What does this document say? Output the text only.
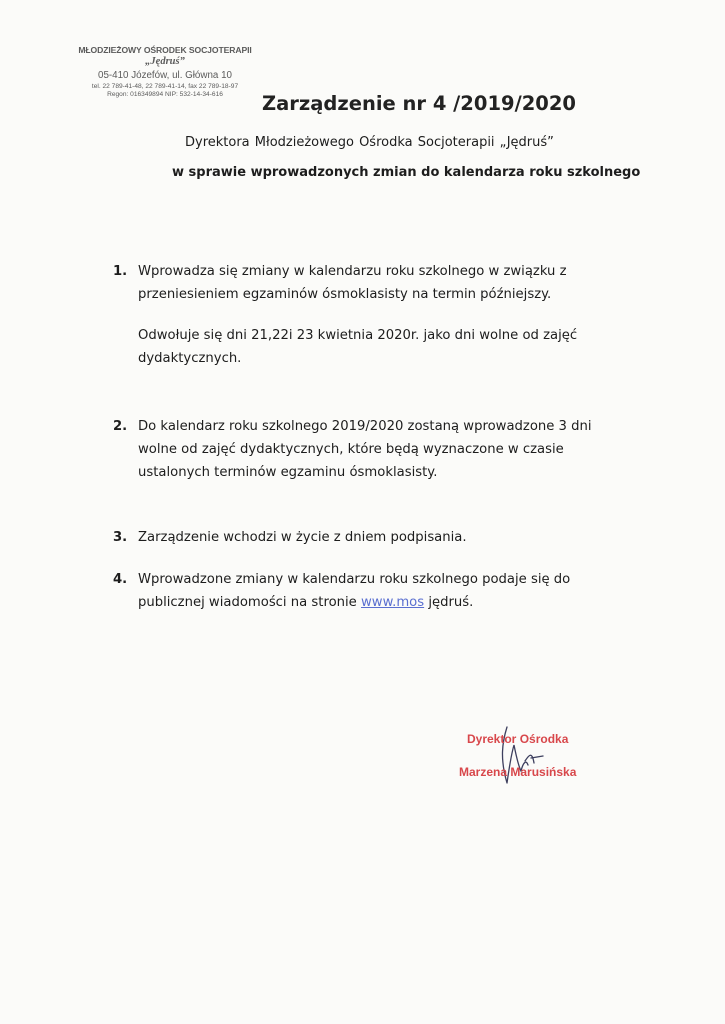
MŁODZIEŻOWY OŚRODEK SOCJOTERAPII
„Jędruś”
05-410 Józefów, ul. Główna 10
tel. 22 789-41-48, 22 789-41-14, fax 22 789-18-97
Regon: 016349894 NIP: 532-14-34-616	Zarządzenie nr 4 /2019/2020
Dyrektora Młodzieżowego Ośrodka Socjoterapii „Jędruś”
w sprawie wprowadzonych zmian do kalendarza roku szkolnego
1. Wprowadza się zmiany w kalendarzu roku szkolnego w związku z przeniesieniem egzaminów ósmoklasisty na termin późniejszy.

Odwołuje się dni 21,22i 23 kwietnia 2020r. jako dni wolne od zajęć dydaktycznych.

2. Do kalendarz roku szkolnego 2019/2020 zostaną wprowadzone 3 dni wolne od zajęć dydaktycznych, które będą wyznaczone w czasie ustalonych terminów egzaminu ósmoklasisty.

3. Zarządzenie wchodzi w życie z dniem podpisania.

4. Wprowadzone zmiany w kalendarzu roku szkolnego podaje się do publicznej wiadomości na stronie www.mos jędruś.

Dyrektor Ośrodka
Marzena Marusińska
